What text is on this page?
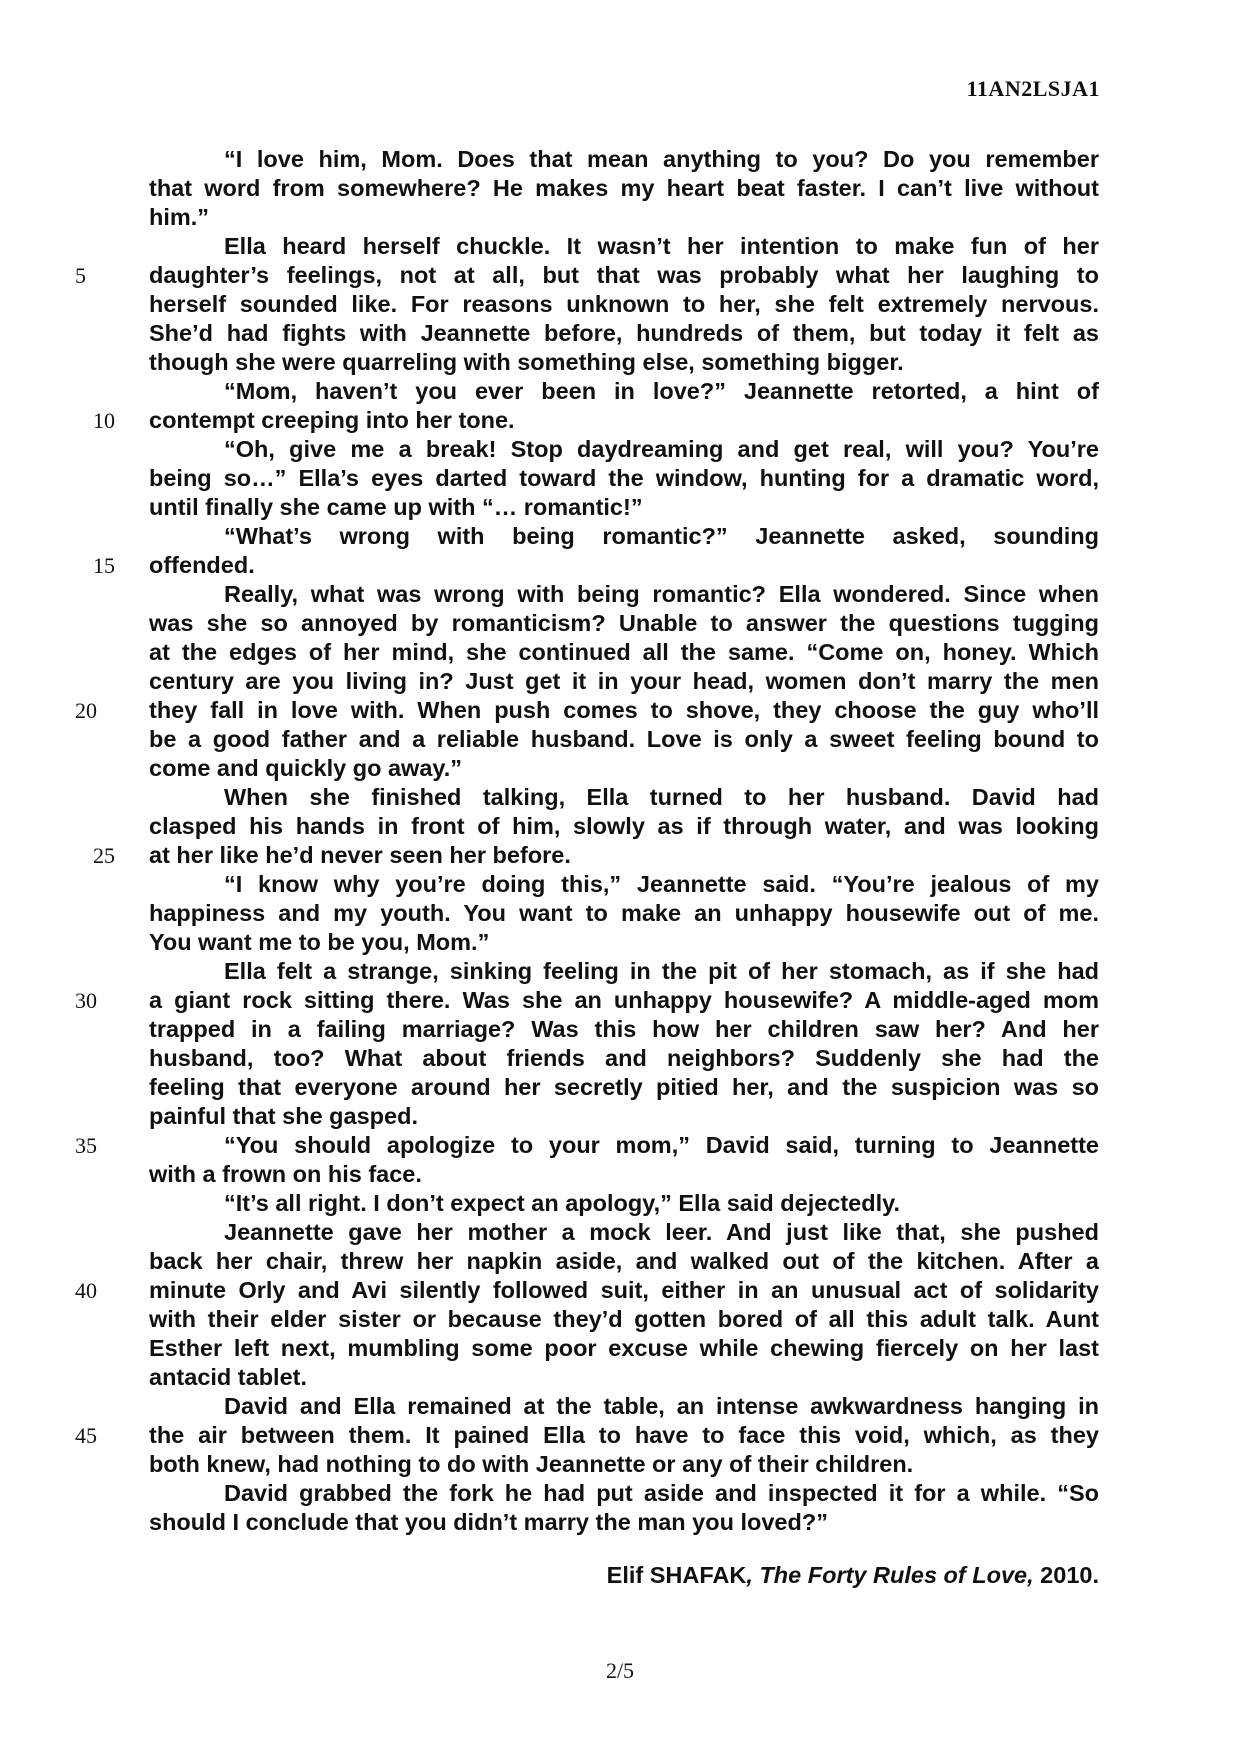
11AN2LSJA1
“I love him, Mom. Does that mean anything to you? Do you remember
that word from somewhere? He makes my heart beat faster. I can’t live without
him.”
Ella heard herself chuckle. It wasn’t her intention to make fun of her
5	daughter’s feelings, not at all, but that was probably what her laughing to
herself sounded like. For reasons unknown to her, she felt extremely nervous.
She’d had fights with Jeannette before, hundreds of them, but today it felt as
though she were quarreling with something else, something bigger.
“Mom, haven’t you ever been in love?” Jeannette retorted, a hint of
10 contempt creeping into her tone.
“Oh, give me a break! Stop daydreaming and get real, will you? You’re
being so…” Ella’s eyes darted toward the window, hunting for a dramatic word,
until finally she came up with “… romantic!”
“What’s wrong with being romantic?” Jeannette asked, sounding
15 offended.
Really, what was wrong with being romantic? Ella wondered. Since when
was she so annoyed by romanticism? Unable to answer the questions tugging
at the edges of her mind, she continued all the same. “Come on, honey. Which
century are you living in? Just get it in your head, women don’t marry the men
20	they fall in love with. When push comes to shove, they choose the guy who’ll
be a good father and a reliable husband. Love is only a sweet feeling bound to
come and quickly go away.”
When she finished talking, Ella turned to her husband. David had
clasped his hands in front of him, slowly as if through water, and was looking
25 at her like he’d never seen her before.
“I know why you’re doing this,” Jeannette said. “You’re jealous of my
happiness and my youth. You want to make an unhappy housewife out of me.
You want me to be you, Mom.”
Ella felt a strange, sinking feeling in the pit of her stomach, as if she had
30	a giant rock sitting there. Was she an unhappy housewife? A middle-aged mom
trapped in a failing marriage? Was this how her children saw her? And her
husband, too? What about friends and neighbors? Suddenly she had the
feeling that everyone around her secretly pitied her, and the suspicion was so
painful that she gasped.
35	“You should apologize to your mom,” David said, turning to Jeannette
with a frown on his face.
“It’s all right. I don’t expect an apology,” Ella said dejectedly.
Jeannette gave her mother a mock leer. And just like that, she pushed
back her chair, threw her napkin aside, and walked out of the kitchen. After a
40	minute Orly and Avi silently followed suit, either in an unusual act of solidarity
with their elder sister or because they’d gotten bored of all this adult talk. Aunt
Esther left next, mumbling some poor excuse while chewing fiercely on her last
antacid tablet.
David and Ella remained at the table, an intense awkwardness hanging in
45	the air between them. It pained Ella to have to face this void, which, as they
both knew, had nothing to do with Jeannette or any of their children.
David grabbed the fork he had put aside and inspected it for a while. “So
should I conclude that you didn’t marry the man you loved?”
Elif SHAFAK, The Forty Rules of Love, 2010.
2/5
